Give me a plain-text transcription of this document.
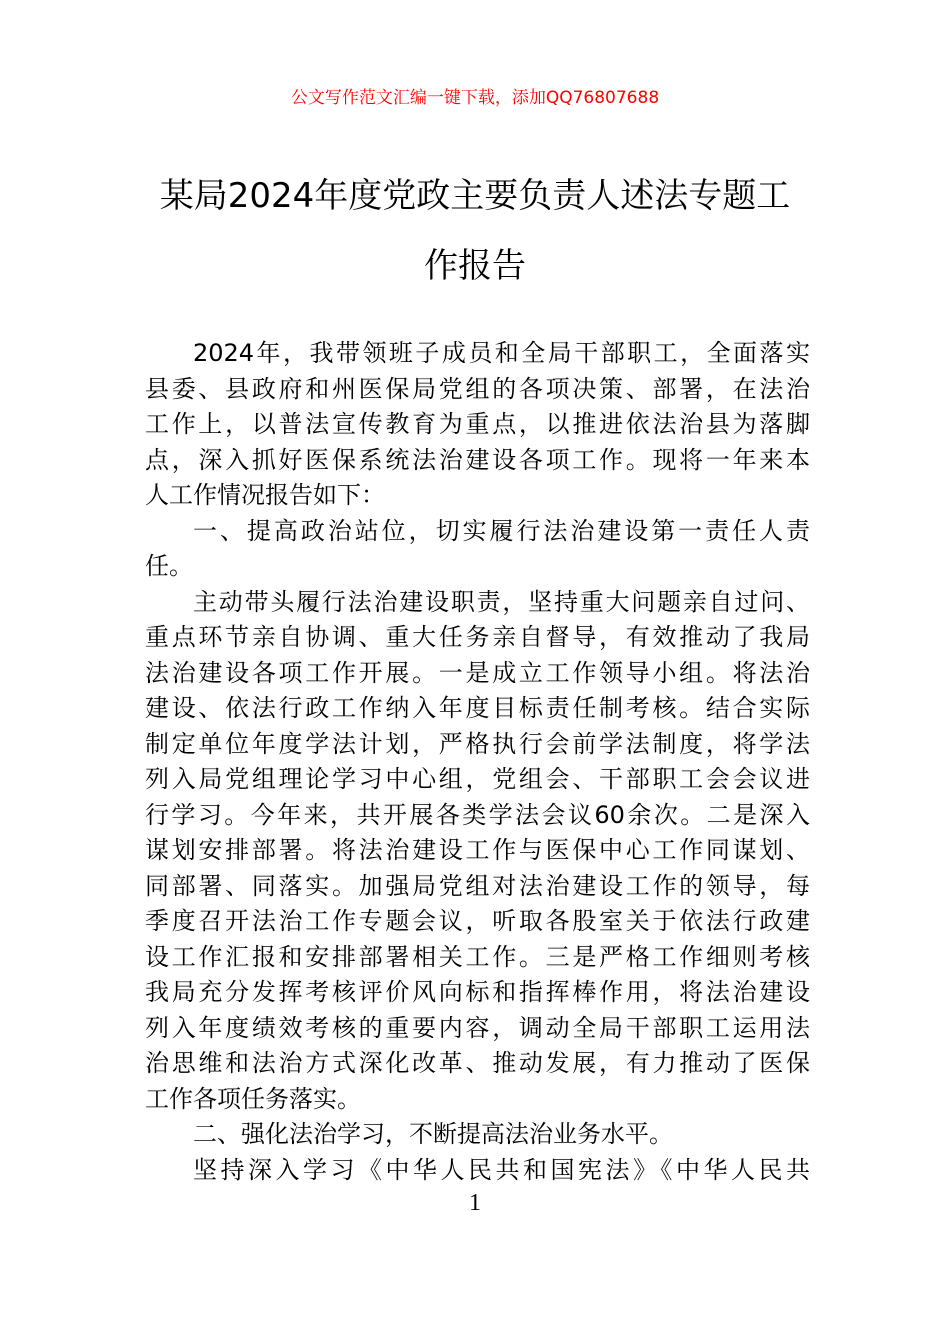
公文写作范文汇编一键下载，添加QQ76807688
某局2024年度党政主要负责人述法专题工
作报告
2024年，我带领班子成员和全局干部职工，全面落实
县委、县政府和州医保局党组的各项决策、部署，在法治
工作上，以普法宣传教育为重点，以推进依法治县为落脚
点，深入抓好医保系统法治建设各项工作。现将一年来本
人工作情况报告如下：
一、提高政治站位，切实履行法治建设第一责任人责
任。
主动带头履行法治建设职责，坚持重大问题亲自过问、
重点环节亲自协调、重大任务亲自督导，有效推动了我局
法治建设各项工作开展。一是成立工作领导小组。将法治
建设、依法行政工作纳入年度目标责任制考核。结合实际
制定单位年度学法计划，严格执行会前学法制度，将学法
列入局党组理论学习中心组，党组会、干部职工会会议进
行学习。今年来，共开展各类学法会议60余次。二是深入
谋划安排部署。将法治建设工作与医保中心工作同谋划、
同部署、同落实。加强局党组对法治建设工作的领导，每
季度召开法治工作专题会议，听取各股室关于依法行政建
设工作汇报和安排部署相关工作。三是严格工作细则考核
我局充分发挥考核评价风向标和指挥棒作用，将法治建设
列入年度绩效考核的重要内容，调动全局干部职工运用法
治思维和法治方式深化改革、推动发展，有力推动了医保
工作各项任务落实。
二、强化法治学习，不断提高法治业务水平。
坚持深入学习《中华人民共和国宪法》《中华人民共
1
